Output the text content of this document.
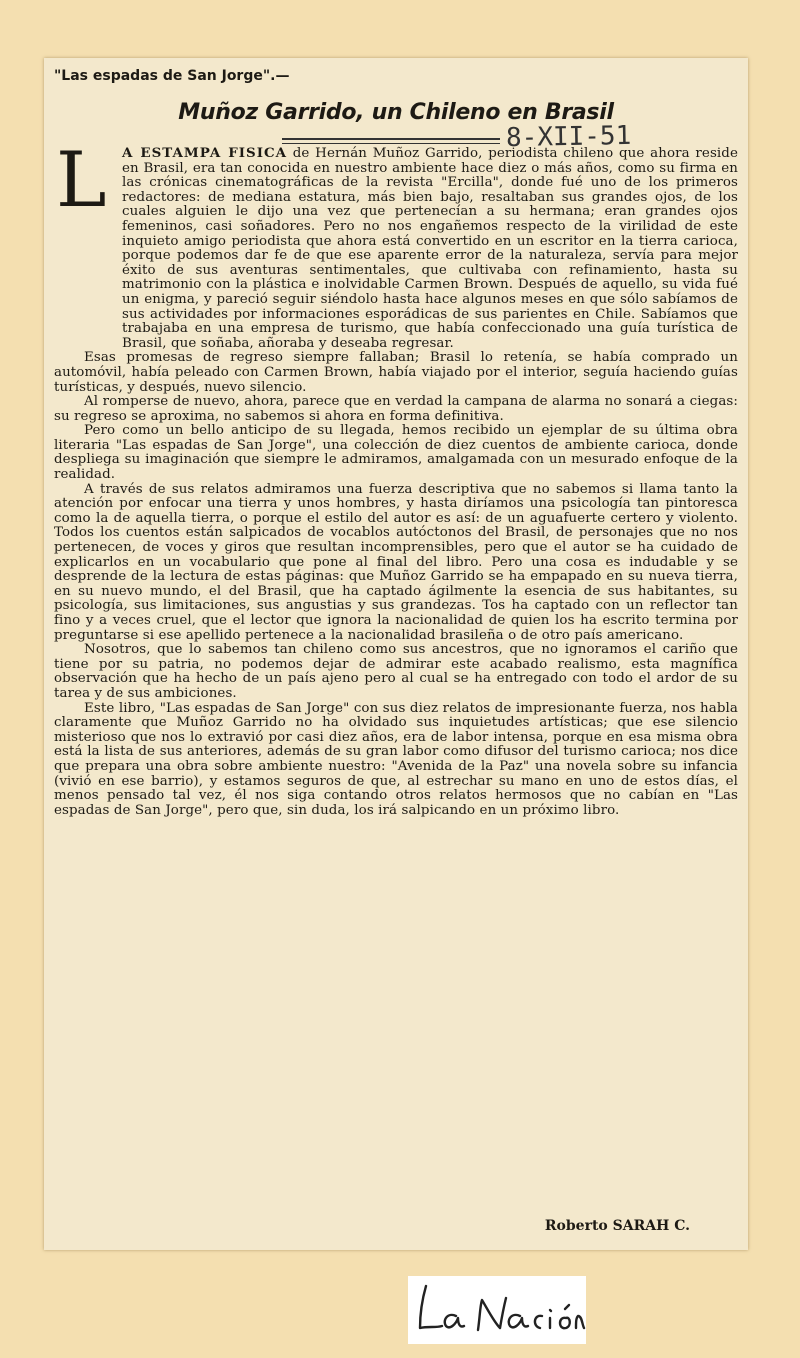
"Las espadas de San Jorge".—
Muñoz Garrido, un Chileno en Brasil
8-XII-51
L	A ESTAMPA FISICA de Hernán Muñoz Garrido, periodista chileno que ahora reside en Brasil, era tan conocida en nuestro ambiente hace diez o más años, como su firma en las crónicas cinematográficas de la revista "Ercilla", donde fué uno de los primeros redactores: de mediana estatura, más bien bajo, resaltaban sus grandes ojos, de los cuales alguien le dijo una vez que pertenecían a su hermana; eran grandes ojos femeninos, casi soñadores. Pero no nos engañemos respecto de la virilidad de este inquieto amigo periodista que ahora está convertido en un escritor en la tierra carioca, porque podemos dar fe de que ese aparente error de la naturaleza, servía para mejor éxito de sus aventuras sentimentales, que cultivaba con refinamiento, hasta su matrimonio con la plástica e inolvidable Carmen Brown. Después de aquello, su vida fué un enigma, y pareció seguir siéndolo hasta hace algunos meses en que sólo sabíamos de sus actividades por informaciones esporádicas de sus parientes en Chile. Sabíamos que trabajaba en una empresa de turismo, que había confeccionado una guía turística de Brasil, que soñaba, añoraba y deseaba regresar.

Esas promesas de regreso siempre fallaban; Brasil lo retenía, se había comprado un automóvil, había peleado con Carmen Brown, había viajado por el interior, seguía haciendo guías turísticas, y después, nuevo silencio.

Al romperse de nuevo, ahora, parece que en verdad la campana de alarma no sonará a ciegas: su regreso se aproxima, no sabemos si ahora en forma definitiva.

Pero como un bello anticipo de su llegada, hemos recibido un ejemplar de su última obra literaria "Las espadas de San Jorge", una colección de diez cuentos de ambiente carioca, donde despliega su imaginación que siempre le admiramos, amalgamada con un mesurado enfoque de la realidad.

A través de sus relatos admiramos una fuerza descriptiva que no sabemos si llama tanto la atención por enfocar una tierra y unos hombres, y hasta diríamos una psicología tan pintoresca como la de aquella tierra, o porque el estilo del autor es así: de un aguafuerte certero y violento. Todos los cuentos están salpicados de vocablos autóctonos del Brasil, de personajes que no nos pertenecen, de voces y giros que resultan incomprensibles, pero que el autor se ha cuidado de explicarlos en un vocabulario que pone al final del libro. Pero una cosa es indudable y se desprende de la lectura de estas páginas: que Muñoz Garrido se ha empapado en su nueva tierra, en su nuevo mundo, el del Brasil, que ha captado ágilmente la esencia de sus habitantes, su psicología, sus limitaciones, sus angustias y sus grandezas. Tos ha captado con un reflector tan fino y a veces cruel, que el lector que ignora la nacionalidad de quien los ha escrito termina por preguntarse si ese apellido pertenece a la nacionalidad brasileña o de otro país americano.

Nosotros, que lo sabemos tan chileno como sus ancestros, que no ignoramos el cariño que tiene por su patria, no podemos dejar de admirar este acabado realismo, esta magnífica observación que ha hecho de un país ajeno pero al cual se ha entregado con todo el ardor de su tarea y de sus ambiciones.

Este libro, "Las espadas de San Jorge" con sus diez relatos de impresionante fuerza, nos habla claramente que Muñoz Garrido no ha olvidado sus inquietudes artísticas; que ese silencio misterioso que nos lo extravió por casi diez años, era de labor intensa, porque en esa misma obra está la lista de sus anteriores, además de su gran labor como difusor del turismo carioca; nos dice que prepara una obra sobre ambiente nuestro: "Avenida de la Paz" una novela sobre su infancia (vivió en ese barrio), y estamos seguros de que, al estrechar su mano en uno de estos días, el menos pensado tal vez, él nos siga contando otros relatos hermosos que no cabían en "Las espadas de San Jorge", pero que, sin duda, los irá salpicando en un próximo libro.

Roberto SARAH C.
